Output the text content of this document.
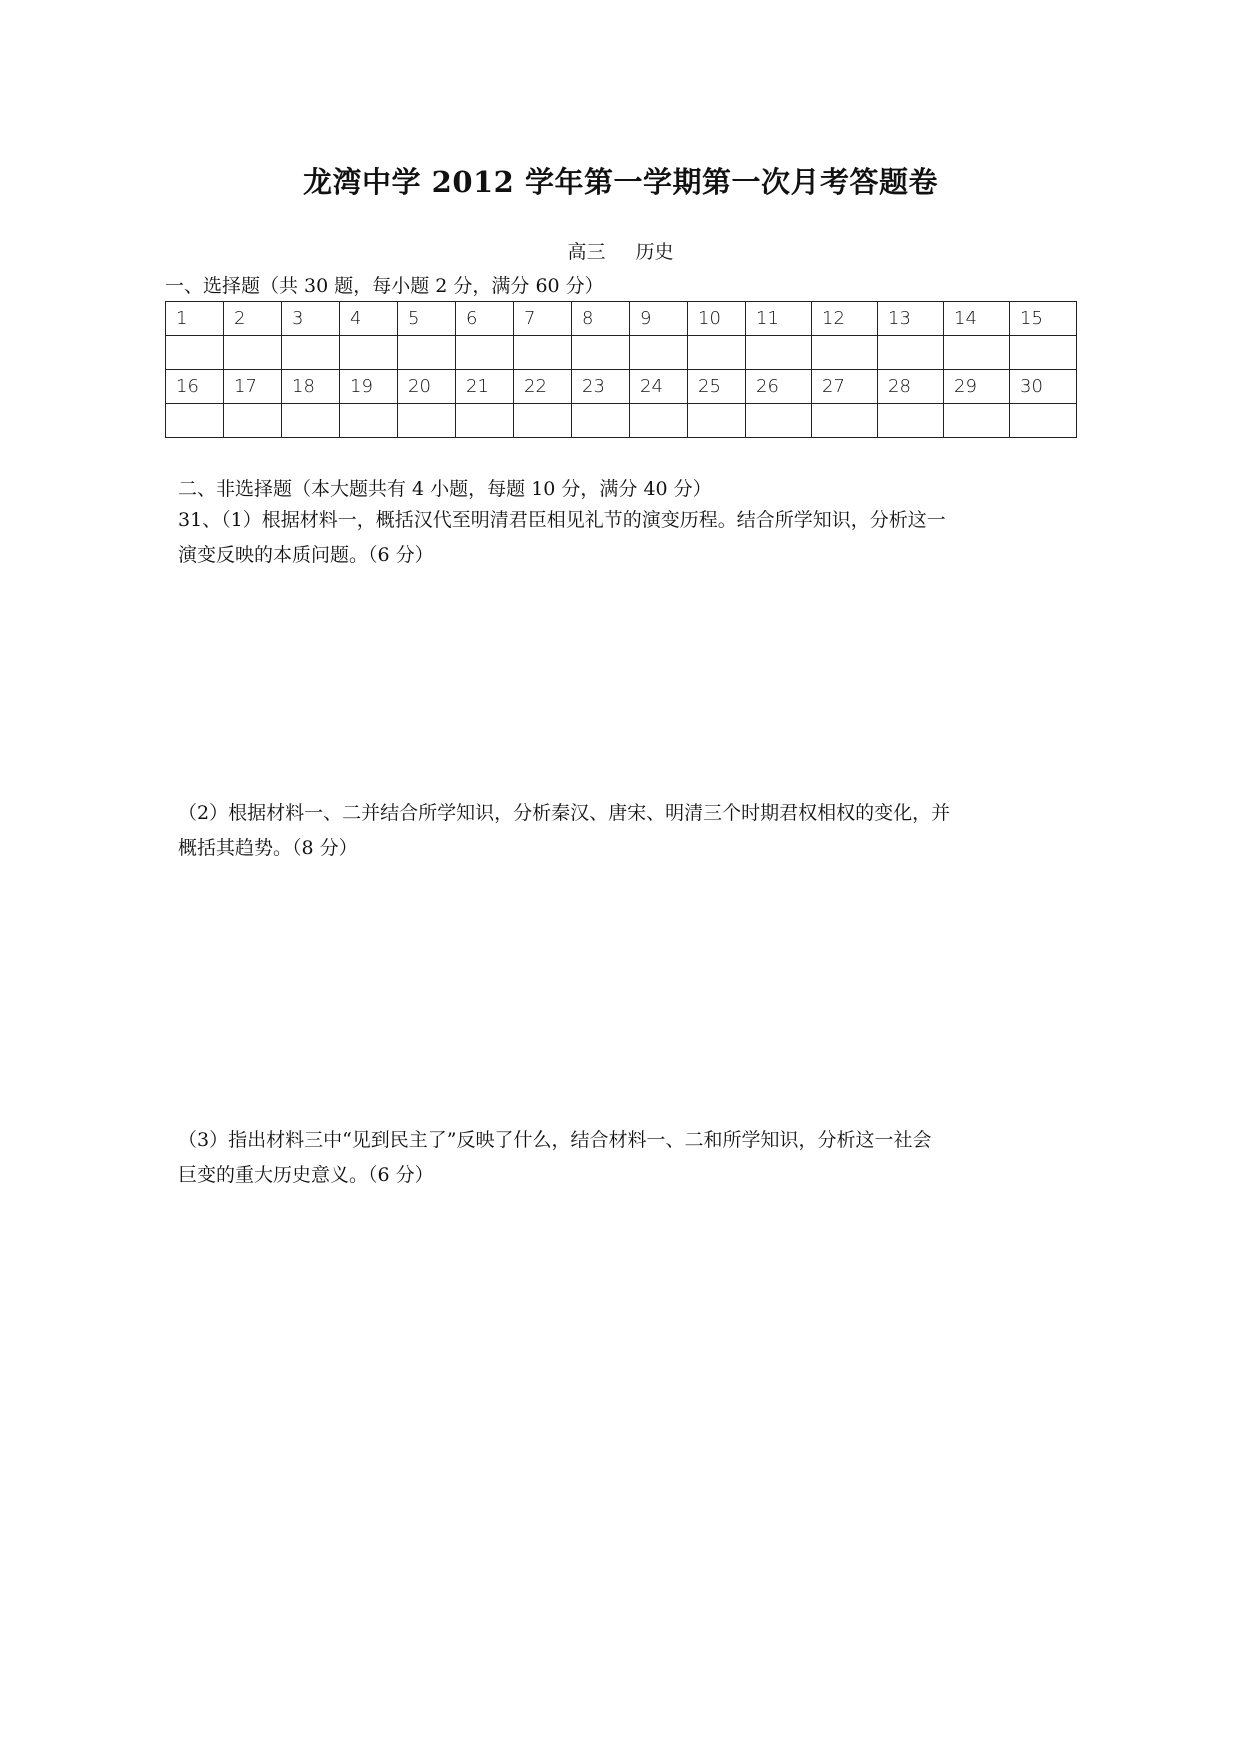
龙湾中学 2012 学年第一学期第一次月考答题卷
高三 历史
一、选择题（共 30 题，每小题 2 分，满分 60 分）
1	2	3	4	5	6	7	8	9	10	11	12	13	14	15

16	17	18	19	20	21	22	23	24	25	26	27	28	29	30

二、非选择题（本大题共有 4 小题，每题 10 分，满分 40 分）
31、（1）根据材料一，概括汉代至明清君臣相见礼节的演变历程。结合所学知识，分析这一
演变反映的本质问题。（6 分）
（2）根据材料一、二并结合所学知识，分析秦汉、唐宋、明清三个时期君权相权的变化，并
概括其趋势。（8 分）
（3）指出材料三中“见到民主了”反映了什么，结合材料一、二和所学知识，分析这一社会
巨变的重大历史意义。（6 分）
